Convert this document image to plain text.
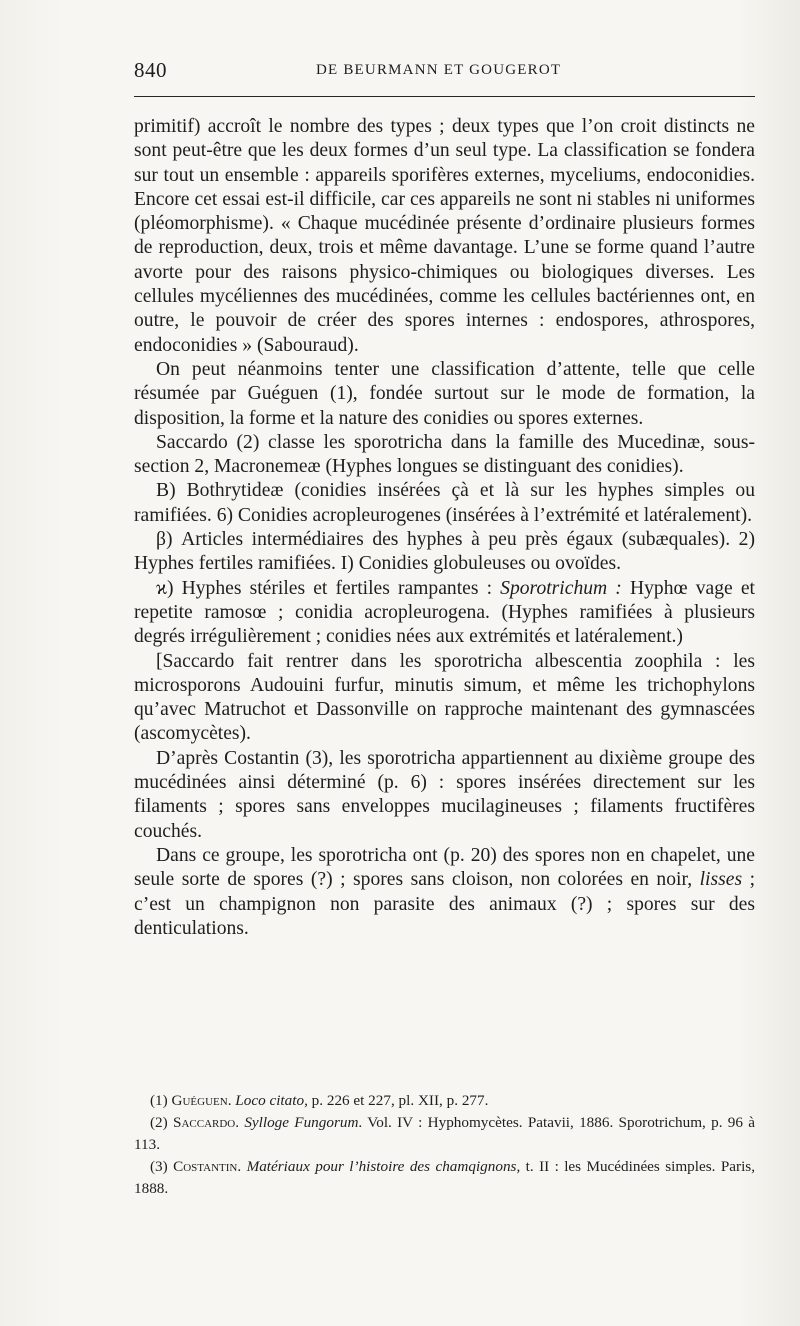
840	DE BEURMANN ET GOUGEROT

primitif) accroît le nombre des types ; deux types que l’on croit distincts ne sont peut-être que les deux formes d’un seul type. La classification se fondera sur tout un ensemble : appareils sporifères externes, myceliums, endoconidies. Encore cet essai est-il difficile, car ces appareils ne sont ni stables ni uniformes (pléomorphisme). « Chaque mucédinée présente d’ordinaire plusieurs formes de reproduction, deux, trois et même davantage. L’une se forme quand l’autre avorte pour des raisons physico-chimiques ou biologiques diverses. Les cellules mycéliennes des mucédinées, comme les cellules bactériennes ont, en outre, le pouvoir de créer des spores internes : endospores, athrospores, endoconidies » (Sabouraud).

On peut néanmoins tenter une classification d’attente, telle que celle résumée par Guéguen (1), fondée surtout sur le mode de formation, la disposition, la forme et la nature des conidies ou spores externes.

Saccardo (2) classe les sporotricha dans la famille des Mucedinæ, sous-section 2, Macronemeæ (Hyphes longues se distinguant des conidies).

B) Bothrytideæ (conidies insérées çà et là sur les hyphes simples ou ramifiées. 6) Conidies acropleurogenes (insérées à l’extrémité et latéralement).

β) Articles intermédiaires des hyphes à peu près égaux (subæquales). 2) Hyphes fertiles ramifiées. I) Conidies globuleuses ou ovoïdes.

ϰ) Hyphes stériles et fertiles rampantes : Sporotrichum : Hyphœ vage et repetite ramosœ ; conidia acropleurogena. (Hyphes ramifiées à plusieurs degrés irrégulièrement ; conidies nées aux extrémités et latéralement.)

[Saccardo fait rentrer dans les sporotricha albescentia zoophila : les microsporons Audouini furfur, minutis simum, et même les trichophylons qu’avec Matruchot et Dassonville on rapproche maintenant des gymnascées (ascomycètes).

D’après Costantin (3), les sporotricha appartiennent au dixième groupe des mucédinées ainsi déterminé (p. 6) : spores insérées directement sur les filaments ; spores sans enveloppes mucilagineuses ; filaments fructifères couchés.

Dans ce groupe, les sporotricha ont (p. 20) des spores non en chapelet, une seule sorte de spores (?) ; spores sans cloison, non colorées en noir, lisses ; c’est un champignon non parasite des animaux (?) ; spores sur des denticulations.

(1) Guéguen. Loco citato, p. 226 et 227, pl. XII, p. 277.

(2) Saccardo. Sylloge Fungorum. Vol. IV : Hyphomycètes. Patavii, 1886. Sporotrichum, p. 96 à 113.

(3) Costantin. Matériaux pour l’histoire des chamqignons, t. II : les Mucédinées simples. Paris, 1888.
